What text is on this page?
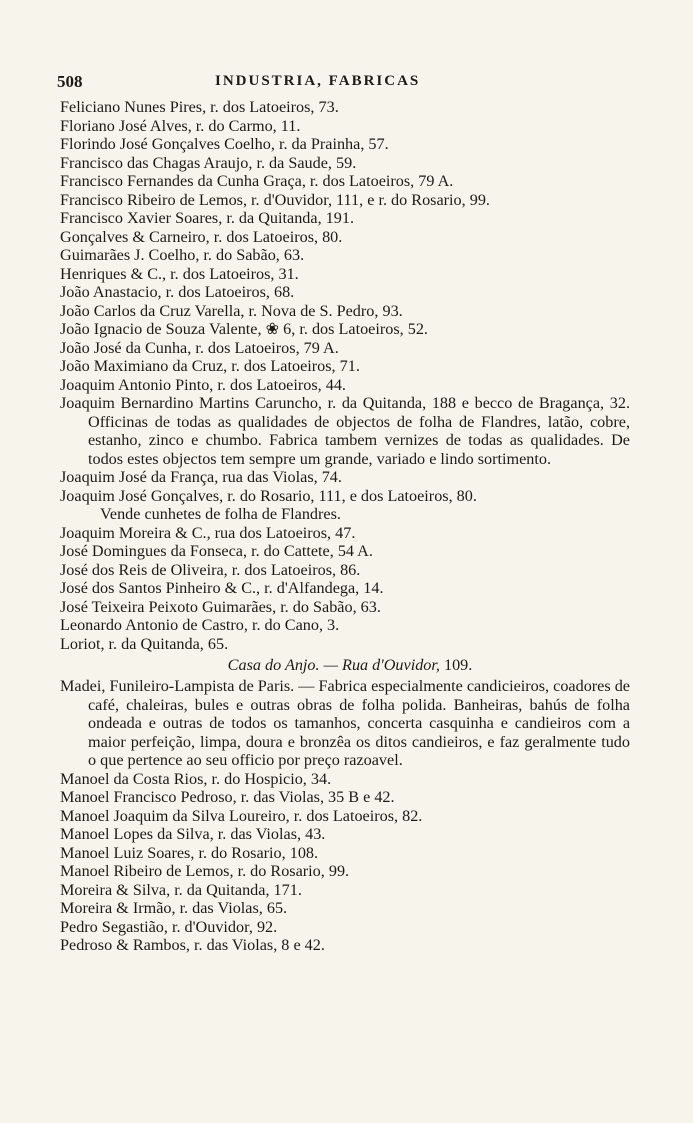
508	INDUSTRIA, FABRICAS
Feliciano Nunes Pires, r. dos Latoeiros, 73.
Floriano José Alves, r. do Carmo, 11.
Florindo José Gonçalves Coelho, r. da Prainha, 57.
Francisco das Chagas Araujo, r. da Saude, 59.
Francisco Fernandes da Cunha Graça, r. dos Latoeiros, 79 A.
Francisco Ribeiro de Lemos, r. d'Ouvidor, 111, e r. do Rosario, 99.
Francisco Xavier Soares, r. da Quitanda, 191.
Gonçalves & Carneiro, r. dos Latoeiros, 80.
Guimarães J. Coelho, r. do Sabão, 63.
Henriques & C., r. dos Latoeiros, 31.
João Anastacio, r. dos Latoeiros, 68.
João Carlos da Cruz Varella, r. Nova de S. Pedro, 93.
João Ignacio de Souza Valente, ❀ 6, r. dos Latoeiros, 52.
João José da Cunha, r. dos Latoeiros, 79 A.
João Maximiano da Cruz, r. dos Latoeiros, 71.
Joaquim Antonio Pinto, r. dos Latoeiros, 44.
Joaquim Bernardino Martins Caruncho, r. da Quitanda, 188 e becco de Bragança, 32. Officinas de todas as qualidades de objectos de folha de Flandres, latão, cobre, estanho, zinco e chumbo. Fabrica tambem vernizes de todas as qualidades. De todos estes objectos tem sempre um grande, variado e lindo sortimento.
Joaquim José da França, rua das Violas, 74.
Joaquim José Gonçalves, r. do Rosario, 111, e dos Latoeiros, 80.
Vende cunhetes de folha de Flandres.
Joaquim Moreira & C., rua dos Latoeiros, 47.
José Domingues da Fonseca, r. do Cattete, 54 A.
José dos Reis de Oliveira, r. dos Latoeiros, 86.
José dos Santos Pinheiro & C., r. d'Alfandega, 14.
José Teixeira Peixoto Guimarães, r. do Sabão, 63.
Leonardo Antonio de Castro, r. do Cano, 3.
Loriot, r. da Quitanda, 65.
Casa do Anjo. — Rua d'Ouvidor, 109.
Madei, Funileiro-Lampista de Paris. — Fabrica especialmente candicieiros, coadores de café, chaleiras, bules e outras obras de folha polida. Banheiras, bahús de folha ondeada e outras de todos os tamanhos, concerta casquinha e candieiros com a maior perfeição, limpa, doura e bronzêa os ditos candieiros, e faz geralmente tudo o que pertence ao seu officio por preço razoavel.
Manoel da Costa Rios, r. do Hospicio, 34.
Manoel Francisco Pedroso, r. das Violas, 35 B e 42.
Manoel Joaquim da Silva Loureiro, r. dos Latoeiros, 82.
Manoel Lopes da Silva, r. das Violas, 43.
Manoel Luiz Soares, r. do Rosario, 108.
Manoel Ribeiro de Lemos, r. do Rosario, 99.
Moreira & Silva, r. da Quitanda, 171.
Moreira & Irmão, r. das Violas, 65.
Pedro Segastião, r. d'Ouvidor, 92.
Pedroso & Rambos, r. das Violas, 8 e 42.
